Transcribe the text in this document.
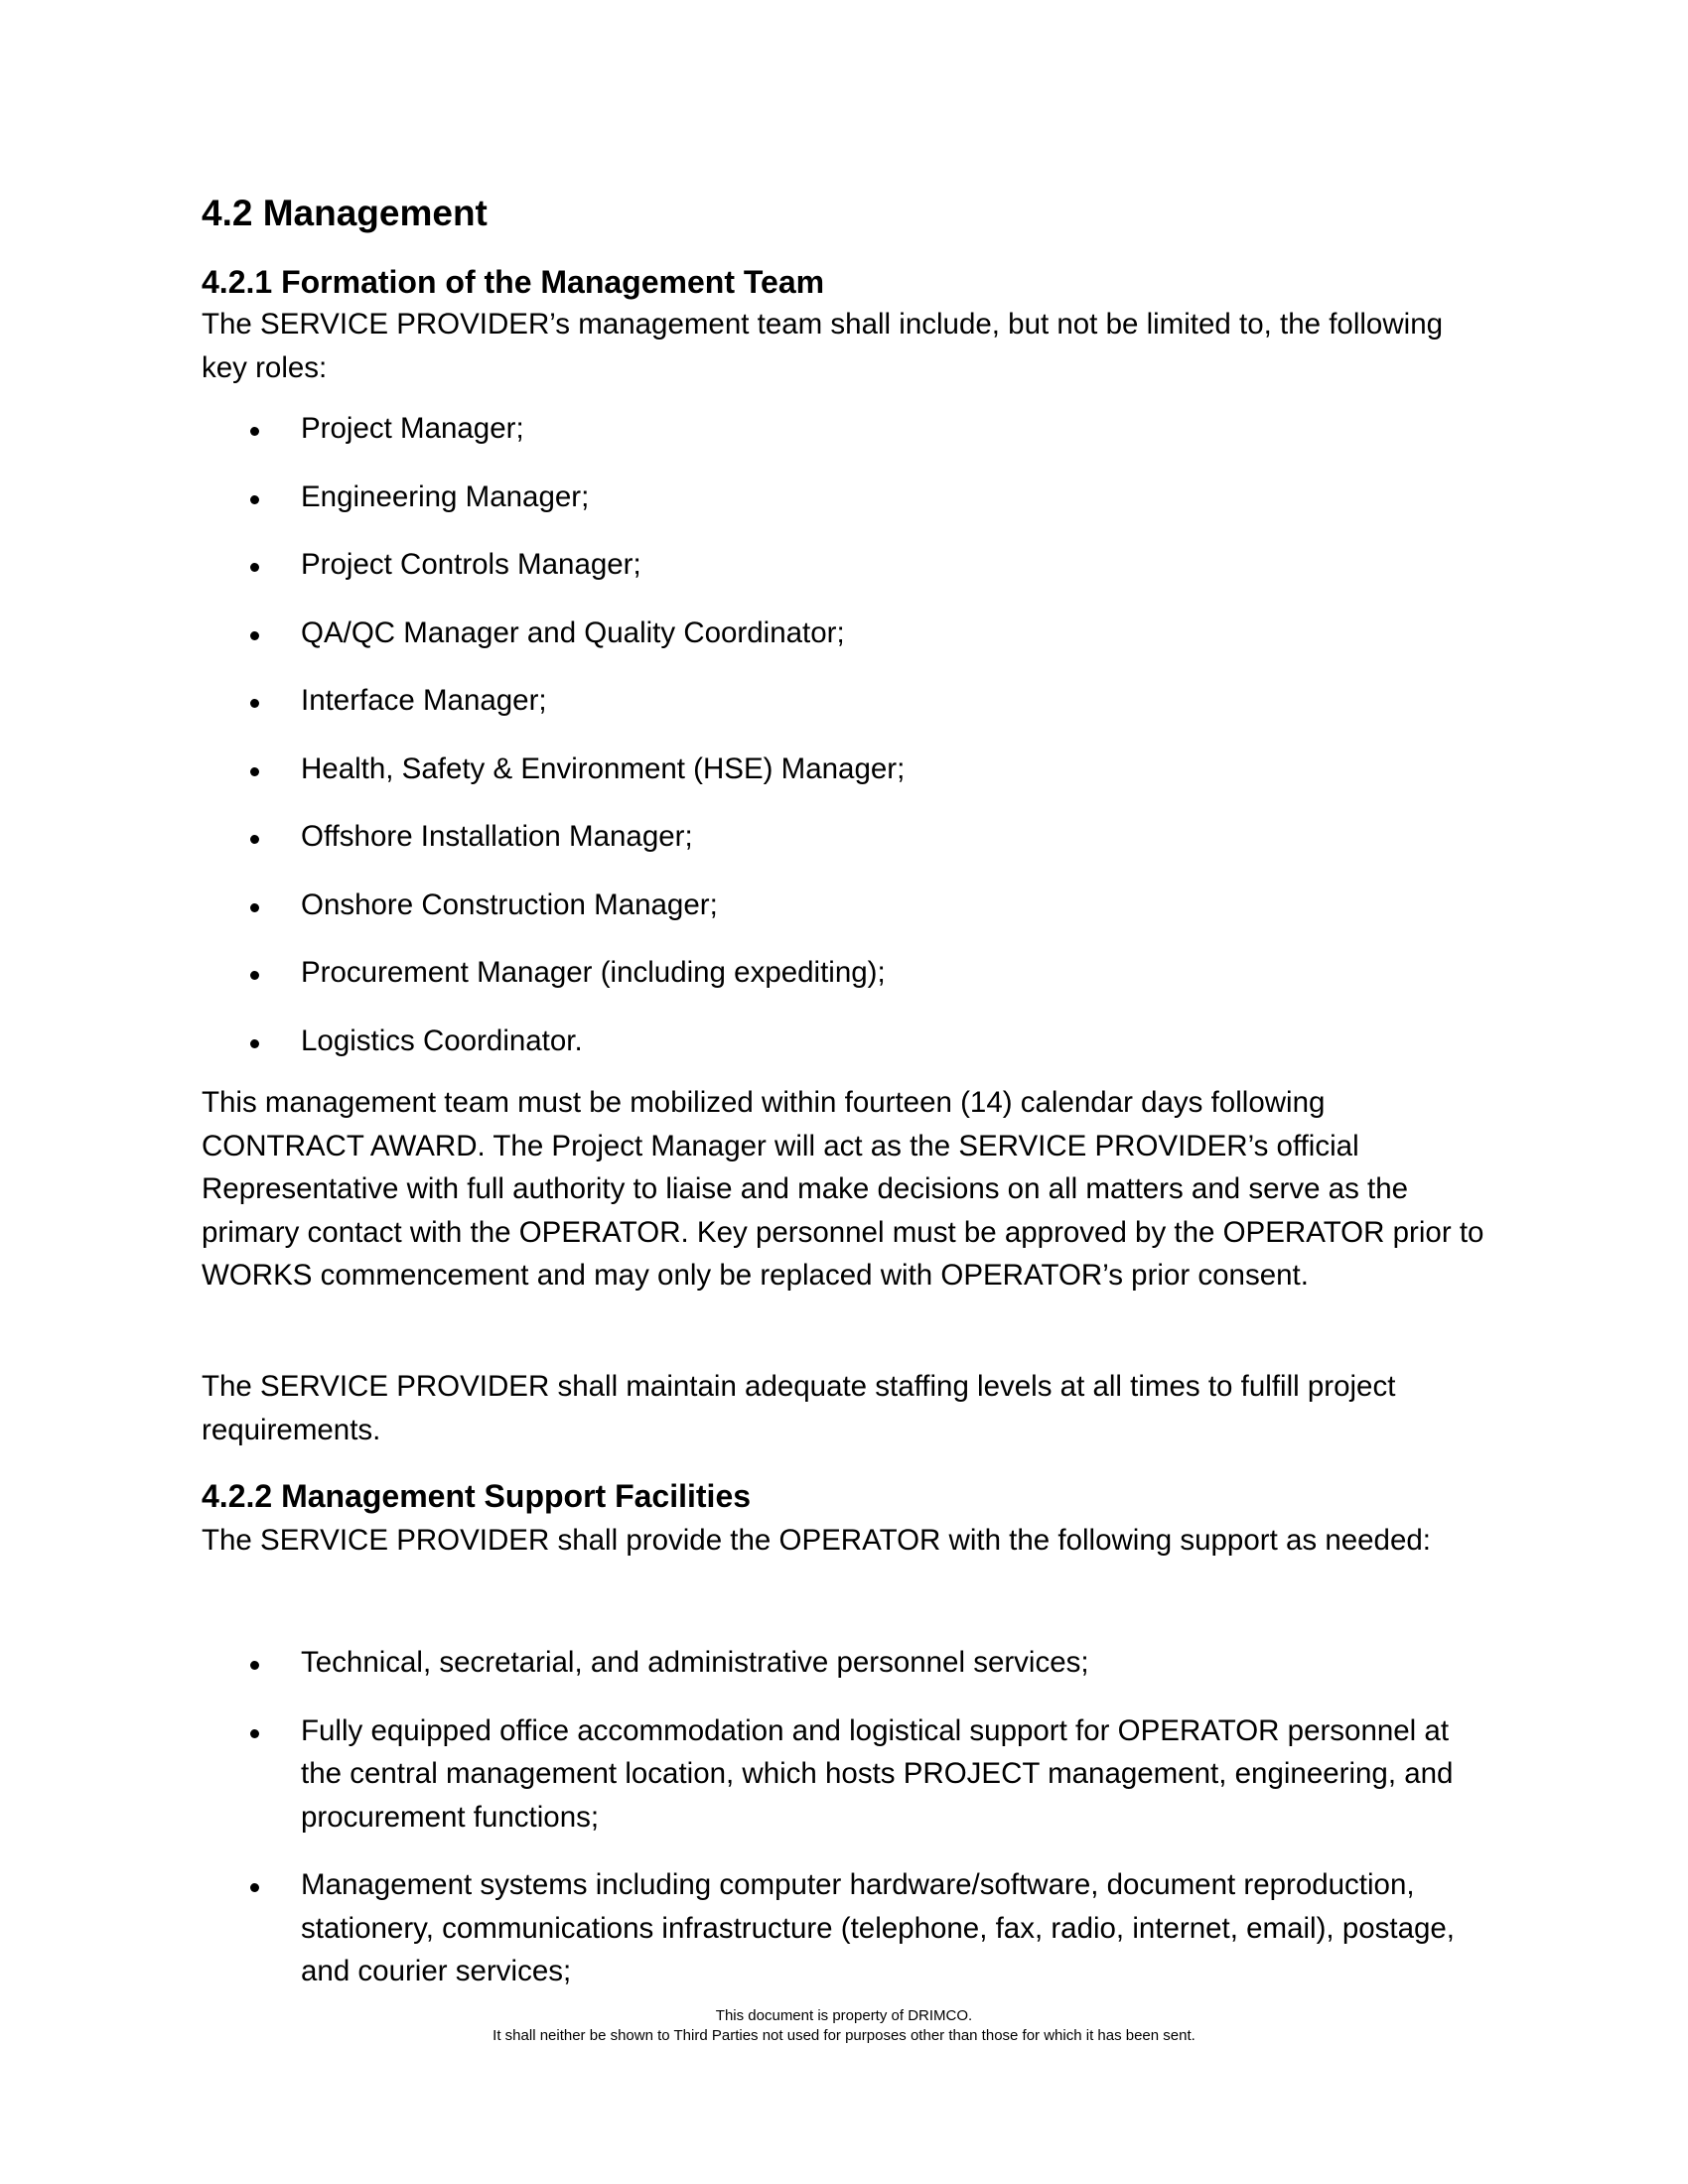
4.2 Management
4.2.1 Formation of the Management Team

The SERVICE PROVIDER’s management team shall include, but not be limited to, the following key roles:

Project Manager;
Engineering Manager;
Project Controls Manager;
QA/QC Manager and Quality Coordinator;
Interface Manager;
Health, Safety & Environment (HSE) Manager;
Offshore Installation Manager;
Onshore Construction Manager;
Procurement Manager (including expediting);
Logistics Coordinator.

This management team must be mobilized within fourteen (14) calendar days following CONTRACT AWARD. The Project Manager will act as the SERVICE PROVIDER’s official Representative with full authority to liaise and make decisions on all matters and serve as the primary contact with the OPERATOR. Key personnel must be approved by the OPERATOR prior to WORKS commencement and may only be replaced with OPERATOR’s prior consent.

The SERVICE PROVIDER shall maintain adequate staffing levels at all times to fulfill project requirements.

4.2.2 Management Support Facilities

The SERVICE PROVIDER shall provide the OPERATOR with the following support as needed:

Technical, secretarial, and administrative personnel services;
Fully equipped office accommodation and logistical support for OPERATOR personnel at the central management location, which hosts PROJECT management, engineering, and procurement functions;
Management systems including computer hardware/software, document reproduction, stationery, communications infrastructure (telephone, fax, radio, internet, email), postage, and courier services;
This document is property of DRIMCO.
It shall neither be shown to Third Parties not used for purposes other than those for which it has been sent.
